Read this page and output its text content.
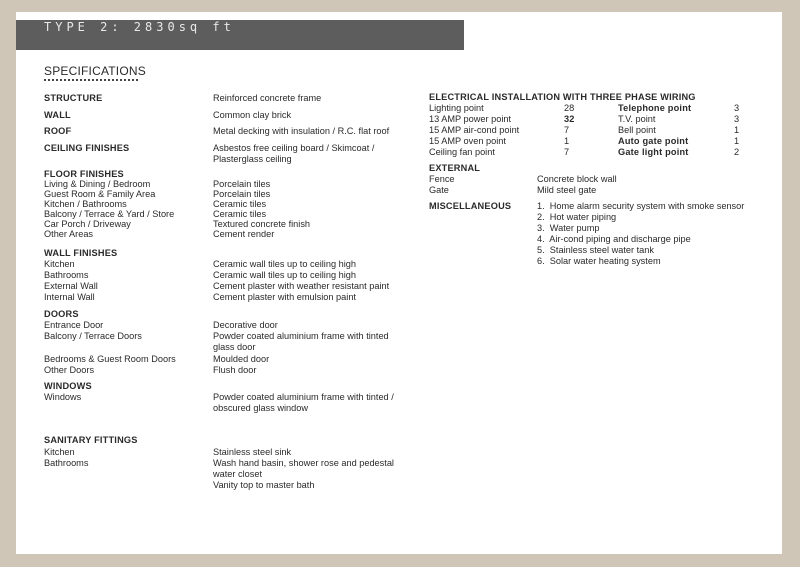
TYPE 2: 2830sq ft
SPECIFICATIONS
STRUCTURE	Reinforced concrete frame
WALL	Common clay brick
ROOF	Metal decking with insulation / R.C. flat roof
CEILING FINISHES	Asbestos free ceiling board / Skimcoat /
Plasterglass ceiling
FLOOR FINISHES
Living & Dining / Bedroom	Porcelain tiles
Guest Room & Family Area	Porcelain tiles
Kitchen / Bathrooms	Ceramic tiles
Balcony / Terrace & Yard / Store	Ceramic tiles
Car Porch / Driveway	Textured concrete finish
Other Areas	Cement render
WALL FINISHES
Kitchen	Ceramic wall tiles up to ceiling high
Bathrooms	Ceramic wall tiles up to ceiling high
External Wall	Cement plaster with weather resistant paint
Internal Wall	Cement plaster with emulsion paint
DOORS
Entrance Door	Decorative door
Balcony / Terrace Doors	Powder coated aluminium frame with tinted
glass door
Bedrooms & Guest Room Doors	Moulded door
Other Doors	Flush door
WINDOWS
Windows	Powder coated aluminium frame with tinted /
obscured glass window
SANITARY FITTINGS
Kitchen	Stainless steel sink
Bathrooms	Wash hand basin, shower rose and pedestal
water closet
Vanity top to master bath
ELECTRICAL INSTALLATION WITH THREE PHASE WIRING
Lighting point	28	Telephone point	3
13 AMP power point	32	T.V. point	3
15 AMP air-cond point	7	Bell point	1
15 AMP oven point	1	Auto gate point	1
Ceiling fan point	7	Gate light point	2
EXTERNAL
Fence	Concrete block wall
Gate	Mild steel gate
MISCELLANEOUS	1. Home alarm security system with smoke sensor
2. Hot water piping
3. Water pump
4. Air-cond piping and discharge pipe
5. Stainless steel water tank
6. Solar water heating system
